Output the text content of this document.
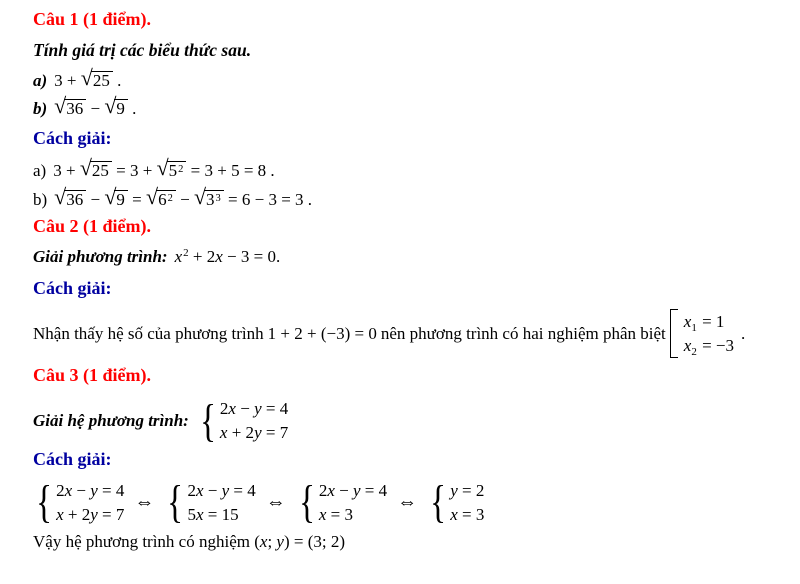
Câu 1 (1 điểm).
Tính giá trị các biểu thức sau.
a) 3 + √ 25 .
b) √ 36 − √ 9 .
Cách giải:
a) 3 + √ 25 = 3 + √ $5^2 = 3 + 5 = 8$ .
b) √ 36 − √ 9 = √ $6^2$ − √ $3^3 = 6 - 3 = 3$ .
Câu 2 (1 điểm).
Giải phương trình: $x^2 + 2x - 3 = 0$.
Cách giải:
Nhận thấy hệ số của phương trình 1 + 2 + (−3) = 0 nên phương trình có hai nghiệm phân biệt
$x_1 = 1$
$x_2 = -3$
.
Câu 3 (1 điểm).
Giải hệ phương trình: { 2x − y = 4
x + 2y = 7
Cách giải:
{ 2x − y = 4
x + 2y = 7
⇔ { 2x − y = 4
5x = 15
⇔ { 2x − y = 4
x = 3
⇔ { y = 2
x = 3
Vậy hệ phương trình có nghiệm (x; y) = (3; 2)
